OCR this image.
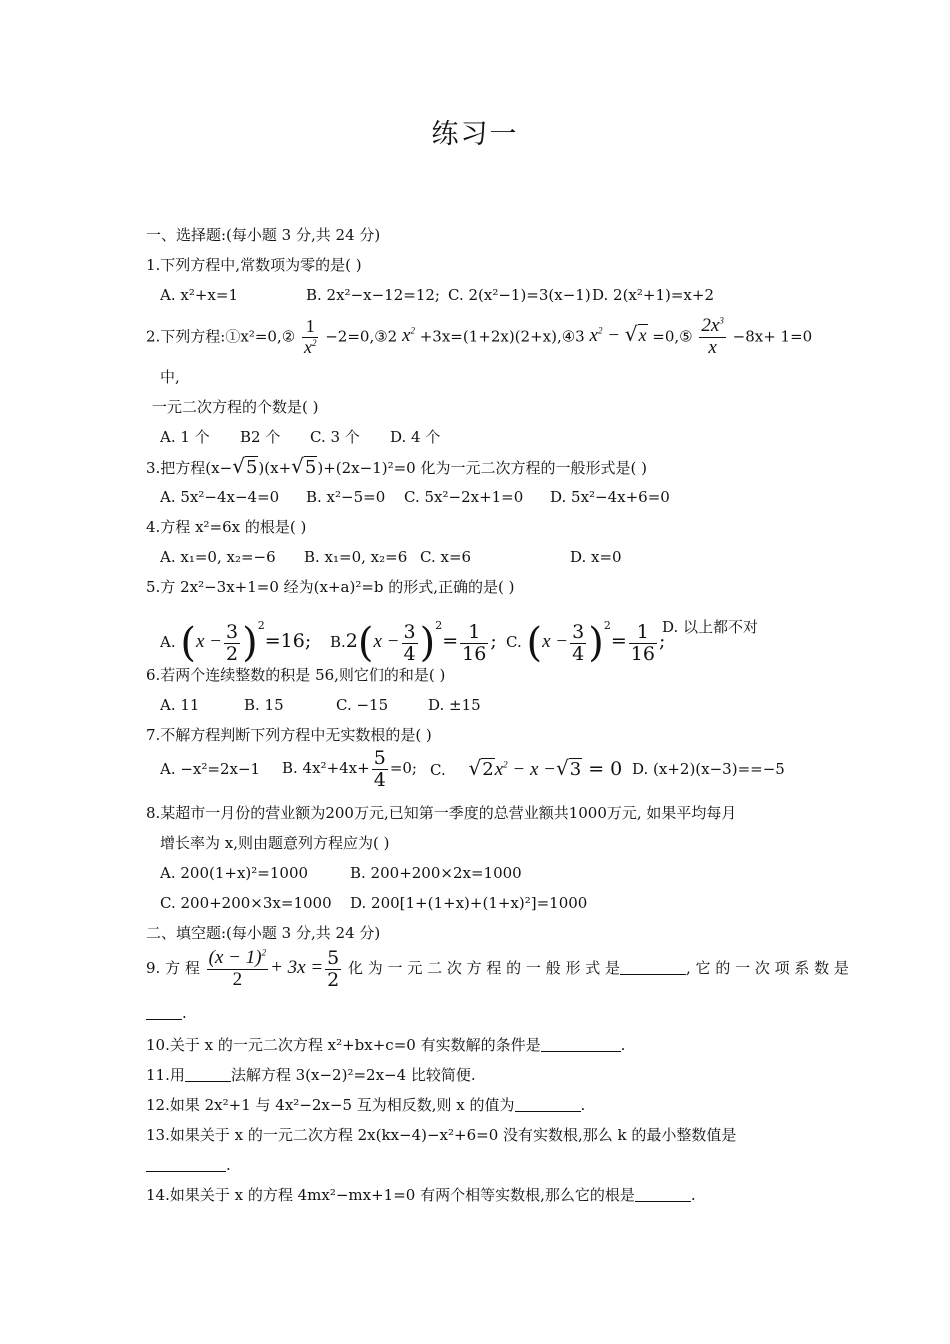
练习一
一、选择题:(每小题 3 分,共 24 分)
1.下列方程中,常数项为零的是( )
A. x²+x=1	B. 2x²−x−12=12; C. 2(x²−1)=3(x−1) D. 2(x²+1)=x+2
2.下列方程:①x²=0,② $\frac{1}{x^2}$ −2=0,③2 $x^2$ +3x=(1+2x)(2+x),④3 $x^2 - √x$ =0,⑤ $\frac{2x^3}{x} -8x+ 1=0$
中,
一元二次方程的个数是( )
A. 1 个 B2 个 C. 3 个 D. 4 个
3.把方程(x−√5)(x+√5)+(2x−1)²=0 化为一元二次方程的一般形式是( )
A. 5x²−4x−4=0 B. x²−5=0 C. 5x²−2x+1=0 D. 5x²−4x+6=0
4.方程 x²=6x 的根是( )
A. x₁=0, x₂=−6 B. x₁=0, x₂=6 C. x=6	D. x=0
5.方 2x²−3x+1=0 经为(x+a)²=b 的形式,正确的是( )
A. $(x - \frac{3}{2} )^2=16$; $B.2(x - \frac{3}{4} )^2= \frac{1}{16}$ ; C. $(x - \frac{3}{4} )^2= \frac{1}{16}$ ;
D. 以上都不对
6.若两个连续整数的积是 56,则它们的和是( )
A. 11	B. 15	C. −15	D. ±15
7.不解方程判断下列方程中无实数根的是( )
A. −x²=2x−1 B. $4x^2+4x+ \frac{5}{4} =0$; C. $√2x^2 - x -√3 = 0$ D. (x+2)(x−3)==−5
8.某超市一月份的营业额为200万元,已知第一季度的总营业额共1000万元, 如果平均每月
增长率为 x,则由题意列方程应为( )
A. 200(1+x)²=1000	B. 200+200×2x=1000
C. 200+200×3x=1000 D. 200[1+(1+x)+(1+x)²]=1000
二、填空题:(每小题 3 分,共 24 分)
9. 方 程 $\frac{(x - 1)^2}{2} + 3x = \frac{5}{2}$ 化 为 一 元 二 次 方 程 的 一 般 形 式 是	, 它 的 一 次 项 系 数 是
.
10.关于 x 的一元二次方程 x²+bx+c=0 有实数解的条件是	.
11.用	法解方程 3(x−2)²=2x−4 比较简便.
12.如果 2x²+1 与 4x²−2x−5 互为相反数,则 x 的值为	.
13.如果关于 x 的一元二次方程 2x(kx−4)−x²+6=0 没有实数根,那么 k 的最小整数值是
.
14.如果关于 x 的方程 4mx²−mx+1=0 有两个相等实数根,那么它的根是	.
